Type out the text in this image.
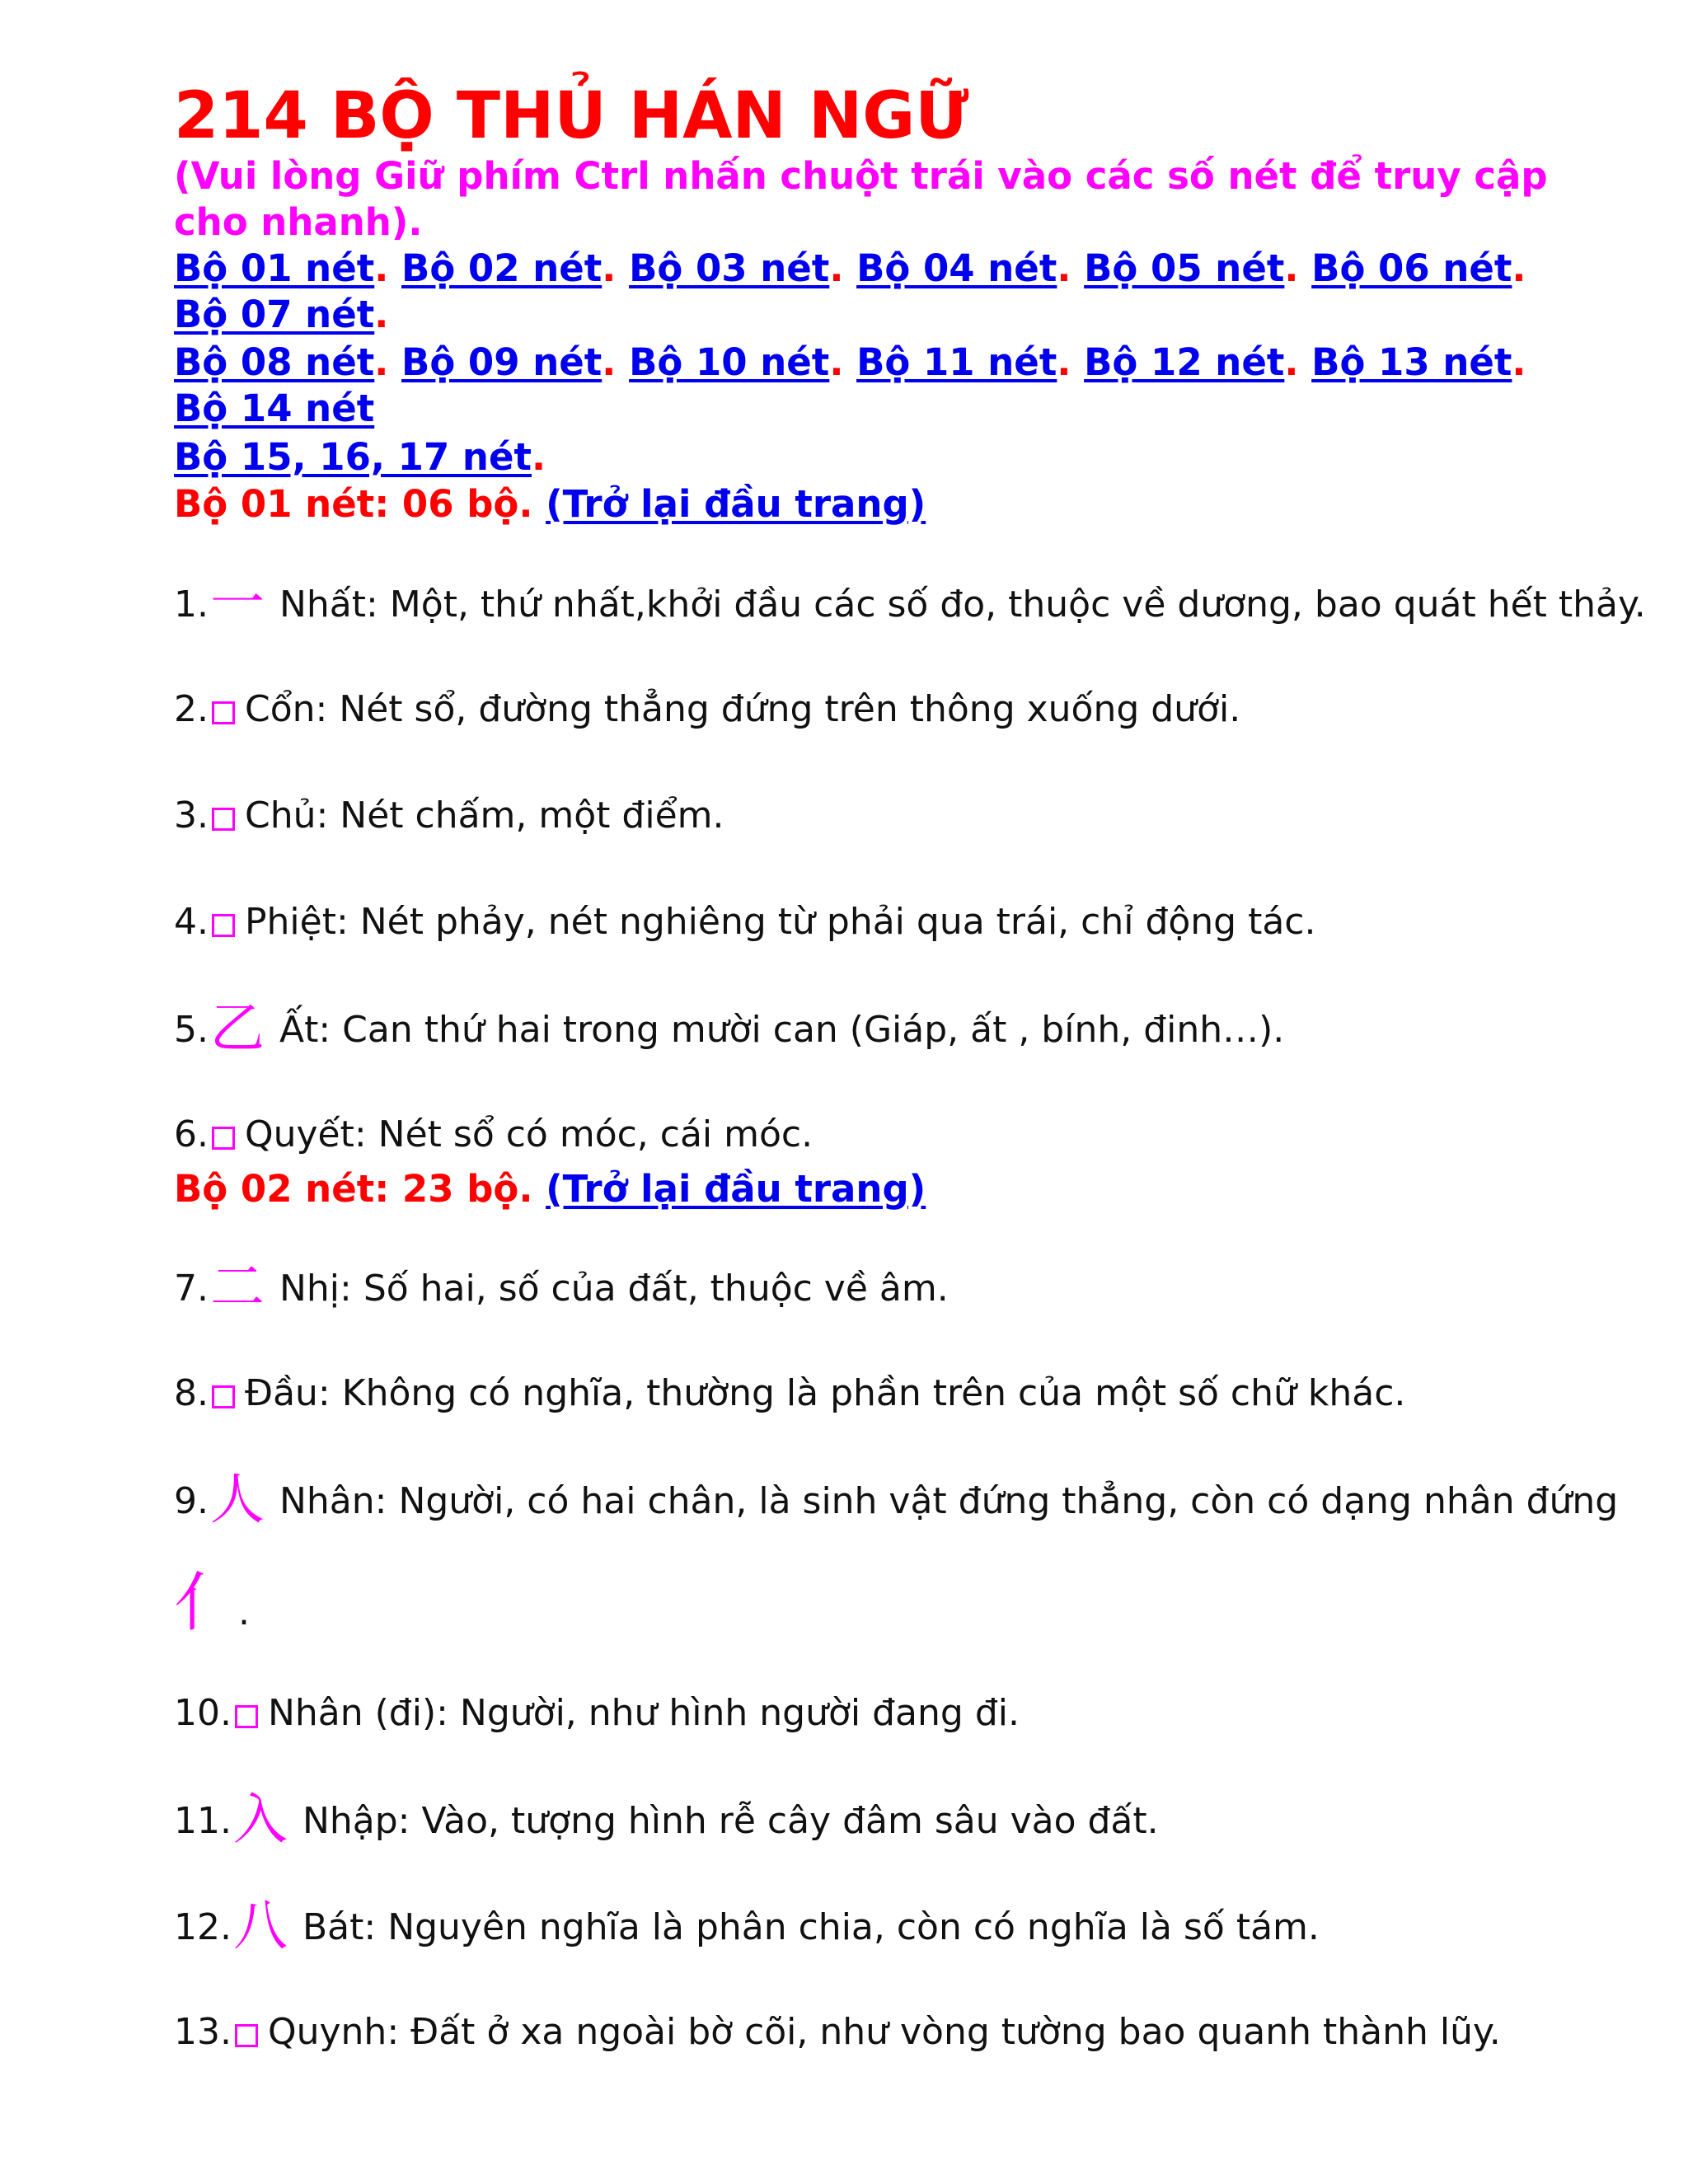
214 BỘ THỦ HÁN NGỮ
(Vui lòng Giữ phím Ctrl nhấn chuột trái vào các số nét để truy cập cho nhanh).
Bộ 01 nét. Bộ 02 nét. Bộ 03 nét. Bộ 04 nét. Bộ 05 nét. Bộ 06 nét. Bộ 07 nét.
Bộ 08 nét. Bộ 09 nét. Bộ 10 nét. Bộ 11 nét. Bộ 12 nét. Bộ 13 nét. Bộ 14 nét
Bộ 15, 16, 17 nét.
Bộ 01 nét: 06 bộ. (Trở lại đầu trang)
1.一 Nhất: Một, thứ nhất,khởi đầu các số đo, thuộc về dương, bao quát hết thảy.
2. Cổn: Nét sổ, đường thẳng đứng trên thông xuống dưới.
3. Chủ: Nét chấm, một điểm.
4. Phiệt: Nét phảy, nét nghiêng từ phải qua trái, chỉ động tác.
5.乙 Ất: Can thứ hai trong mười can (Giáp, ất , bính, đinh…).
6. Quyết: Nét sổ có móc, cái móc.
Bộ 02 nét: 23 bộ. (Trở lại đầu trang)
7.二 Nhị: Số hai, số của đất, thuộc về âm.
8. Đầu: Không có nghĩa, thường là phần trên của một số chữ khác.
9.人 Nhân: Người, có hai chân, là sinh vật đứng thẳng, còn có dạng nhân đứng
亻.
10. Nhân (đi): Người, như hình người đang đi.
11.入 Nhập: Vào, tượng hình rễ cây đâm sâu vào đất.
12.八 Bát: Nguyên nghĩa là phân chia, còn có nghĩa là số tám.
13. Quynh: Đất ở xa ngoài bờ cõi, như vòng tường bao quanh thành lũy.
